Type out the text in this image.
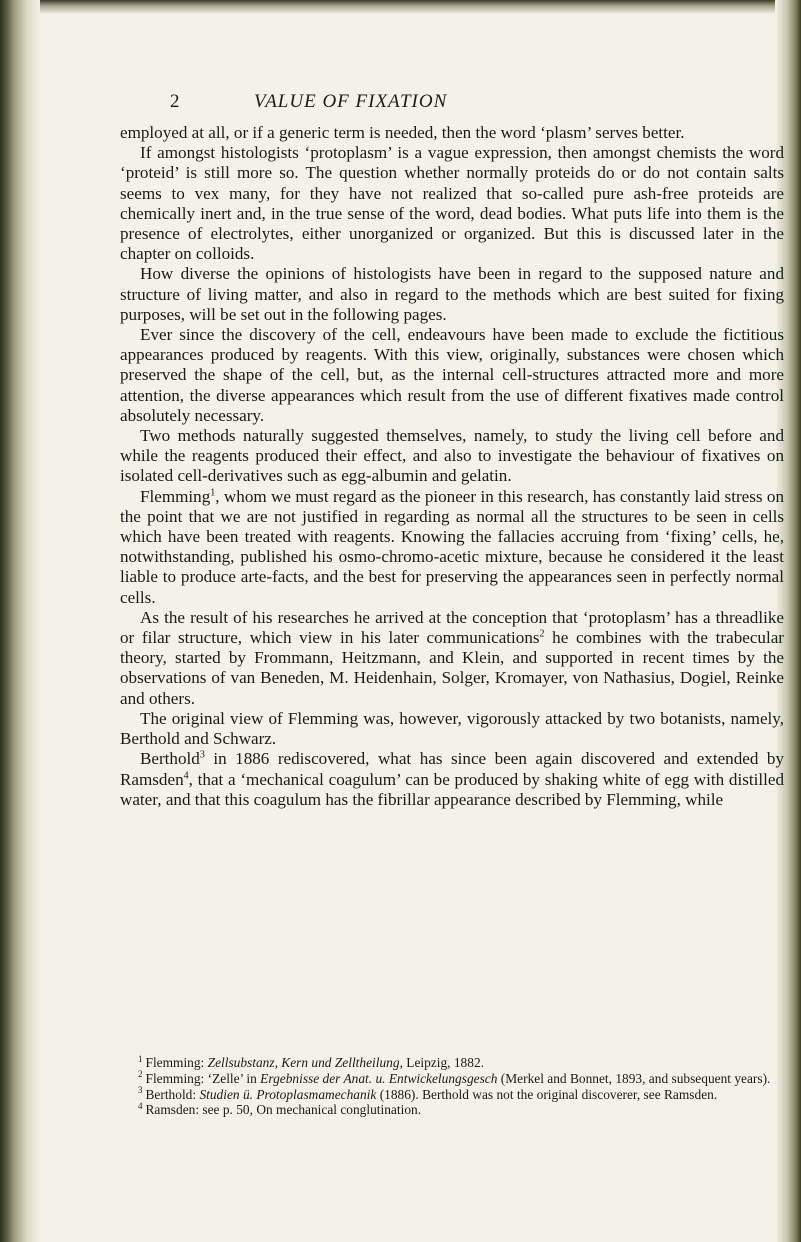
2	VALUE OF FIXATION

employed at all, or if a generic term is needed, then the word ‘plasm’ serves better.

If amongst histologists ‘protoplasm’ is a vague expression, then amongst chemists the word ‘proteid’ is still more so. The question whether normally proteids do or do not contain salts seems to vex many, for they have not realized that so-called pure ash-free proteids are chemically inert and, in the true sense of the word, dead bodies. What puts life into them is the presence of electrolytes, either unorganized or organized. But this is discussed later in the chapter on colloids.

How diverse the opinions of histologists have been in regard to the supposed nature and structure of living matter, and also in regard to the methods which are best suited for fixing purposes, will be set out in the following pages.

Ever since the discovery of the cell, endeavours have been made to exclude the fictitious appearances produced by reagents. With this view, originally, substances were chosen which preserved the shape of the cell, but, as the internal cell-structures attracted more and more attention, the diverse appearances which result from the use of different fixatives made control absolutely necessary.

Two methods naturally suggested themselves, namely, to study the living cell before and while the reagents produced their effect, and also to investigate the behaviour of fixatives on isolated cell-derivatives such as egg-albumin and gelatin.

Flemming$^1$, whom we must regard as the pioneer in this research, has constantly laid stress on the point that we are not justified in regarding as normal all the structures to be seen in cells which have been treated with reagents. Knowing the fallacies accruing from ‘fixing’ cells, he, notwithstanding, published his osmo-chromo-acetic mixture, because he considered it the least liable to produce arte-facts, and the best for preserving the appearances seen in perfectly normal cells.

As the result of his researches he arrived at the conception that ‘protoplasm’ has a threadlike or filar structure, which view in his later communications$^2$ he combines with the trabecular theory, started by Frommann, Heitzmann, and Klein, and supported in recent times by the observations of van Beneden, M. Heidenhain, Solger, Kromayer, von Nathasius, Dogiel, Reinke and others.

The original view of Flemming was, however, vigorously attacked by two botanists, namely, Berthold and Schwarz.

Berthold$^3$ in 1886 rediscovered, what has since been again discovered and extended by Ramsden$^4$, that a ‘mechanical coagulum’ can be produced by shaking white of egg with distilled water, and that this coagulum has the fibrillar appearance described by Flemming, while

$^1$ Flemming: Zellsubstanz, Kern und Zelltheilung, Leipzig, 1882.

$^2$ Flemming: ‘Zelle’ in Ergebnisse der Anat. u. Entwickelungsgesch (Merkel and Bonnet, 1893, and subsequent years).

$^3$ Berthold: Studien ü. Protoplasmamechanik (1886). Berthold was not the original discoverer, see Ramsden.

$^4$ Ramsden: see p. 50, On mechanical conglutination.
